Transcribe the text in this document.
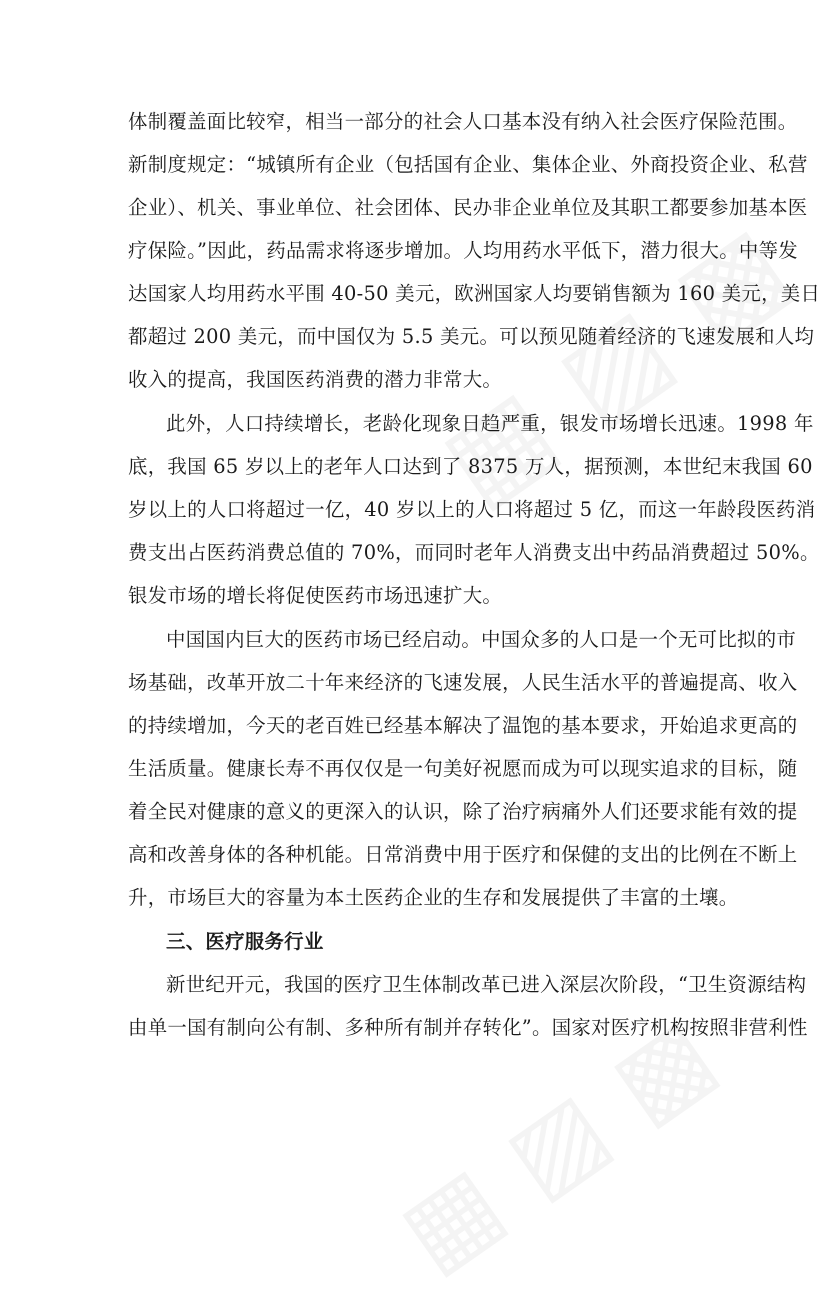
体制覆盖面比较窄，相当一部分的社会人口基本没有纳入社会医疗保险范围。
新制度规定：“城镇所有企业（包括国有企业、集体企业、外商投资企业、私营
企业）、机关、事业单位、社会团体、民办非企业单位及其职工都要参加基本医
疗保险。”因此，药品需求将逐步增加。人均用药水平低下，潜力很大。中等发
达国家人均用药水平围 40-50 美元，欧洲国家人均要销售额为 160 美元，美日
都超过 200 美元，而中国仅为 5.5 美元。可以预见随着经济的飞速发展和人均
收入的提高，我国医药消费的潜力非常大。
此外，人口持续增长，老龄化现象日趋严重，银发市场增长迅速。1998 年
底，我国 65 岁以上的老年人口达到了 8375 万人，据预测，本世纪末我国 60
岁以上的人口将超过一亿，40 岁以上的人口将超过 5 亿，而这一年龄段医药消
费支出占医药消费总值的 70%，而同时老年人消费支出中药品消费超过 50%。
银发市场的增长将促使医药市场迅速扩大。
中国国内巨大的医药市场已经启动。中国众多的人口是一个无可比拟的市
场基础，改革开放二十年来经济的飞速发展，人民生活水平的普遍提高、收入
的持续增加，今天的老百姓已经基本解决了温饱的基本要求，开始追求更高的
生活质量。健康长寿不再仅仅是一句美好祝愿而成为可以现实追求的目标，随
着全民对健康的意义的更深入的认识，除了治疗病痛外人们还要求能有效的提
高和改善身体的各种机能。日常消费中用于医疗和保健的支出的比例在不断上
升，市场巨大的容量为本土医药企业的生存和发展提供了丰富的土壤。
三、医疗服务行业
新世纪开元，我国的医疗卫生体制改革已进入深层次阶段，“卫生资源结构
由单一国有制向公有制、多种所有制并存转化”。国家对医疗机构按照非营利性
